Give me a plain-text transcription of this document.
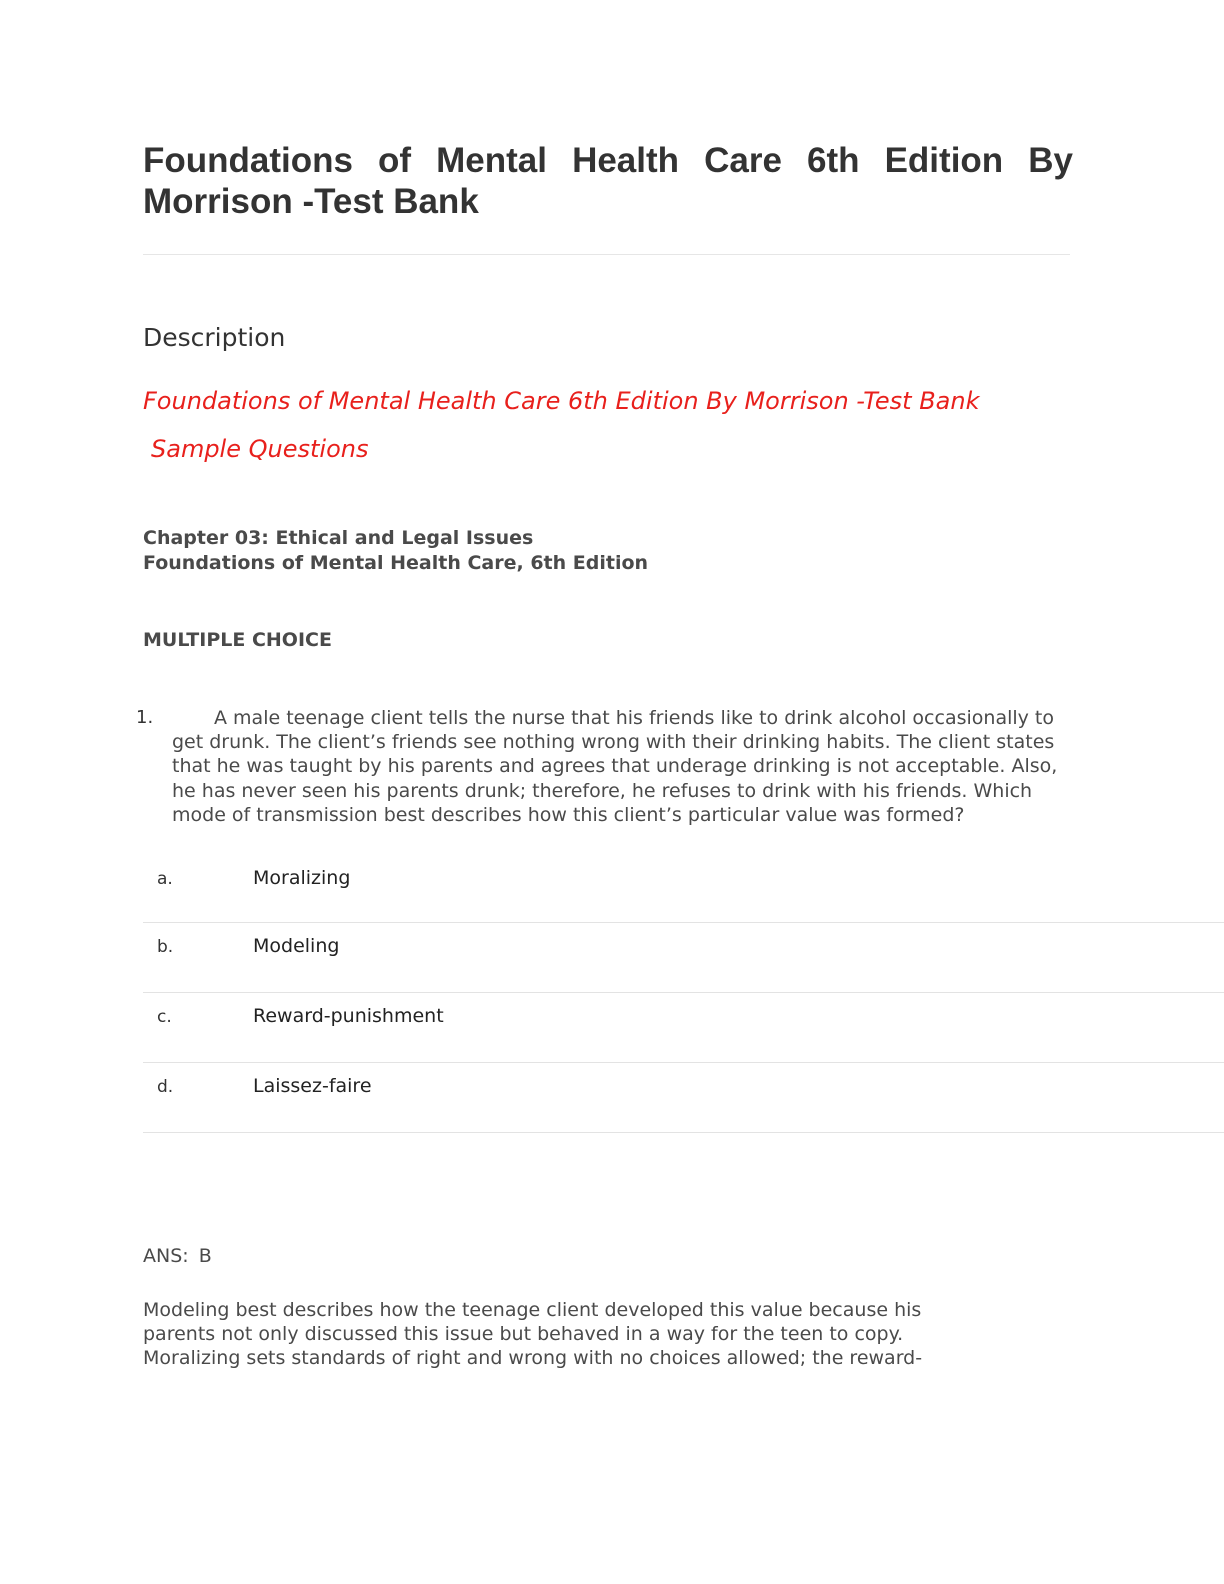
Foundations of Mental Health Care 6th Edition By Morrison -Test Bank
Description

Foundations of Mental Health Care 6th Edition By Morrison -Test Bank

Sample Questions

Chapter 03: Ethical and Legal Issues
Foundations of Mental Health Care, 6th Edition
MULTIPLE CHOICE
1.	A male teenage client tells the nurse that his friends like to drink alcohol occasionally to get drunk. The client’s friends see nothing wrong with their drinking habits. The client states that he was taught by his parents and agrees that underage drinking is not acceptable. Also, he has never seen his parents drunk; therefore, he refuses to drink with his friends. Which mode of transmission best describes how this client’s particular value was formed?

a.	Moralizing
b.	Modeling
c.	Reward-punishment
d.	Laissez-faire

ANS: B

Modeling best describes how the teenage client developed this value because his
parents not only discussed this issue but behaved in a way for the teen to copy.
Moralizing sets standards of right and wrong with no choices allowed; the reward-
